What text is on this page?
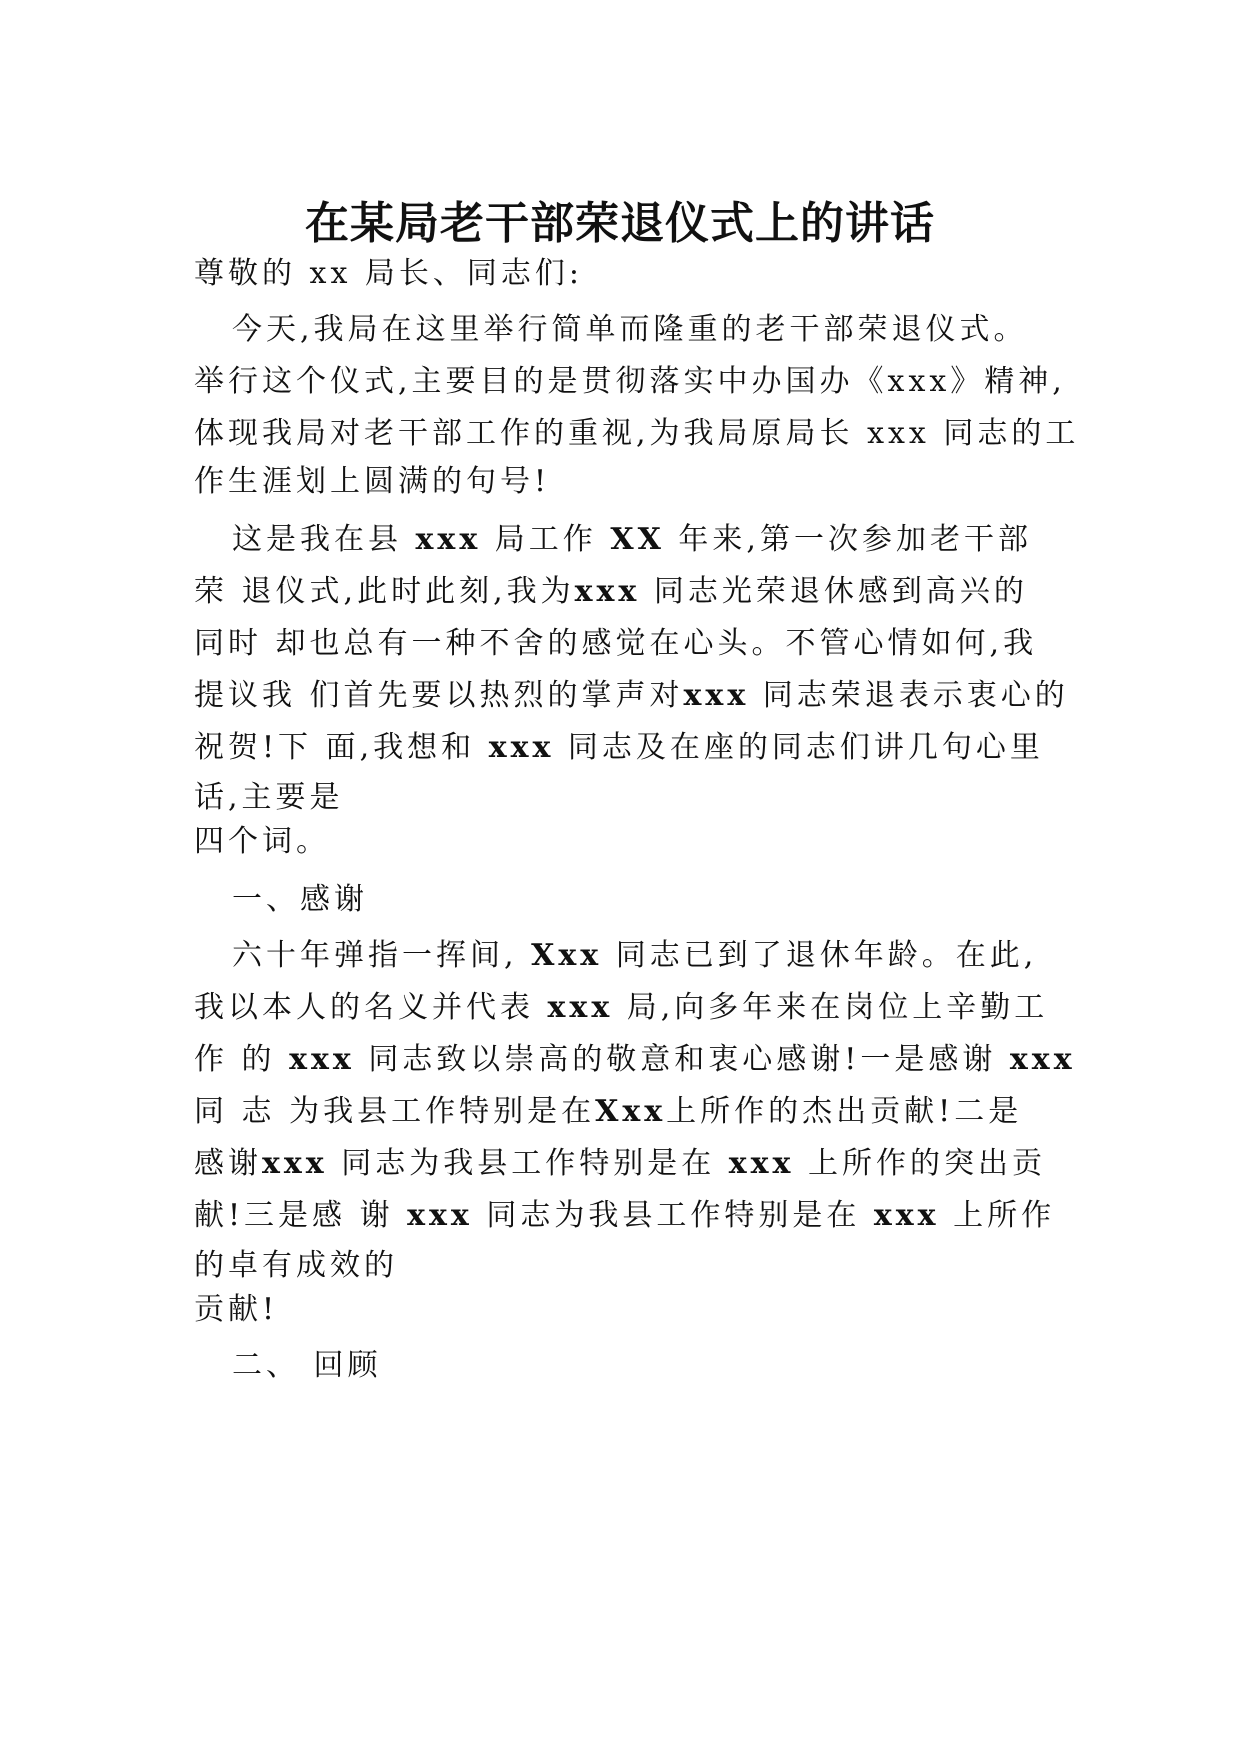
在某局老干部荣退仪式上的讲话
尊敬的 xx 局长、同志们:
今天,我局在这里举行简单而隆重的老干部荣退仪式。
举行这个仪式,主要目的是贯彻落实中办国办《xxx》精神,
体现我局对老干部工作的重视,为我局原局长 xxx 同志的工
作生涯划上圆满的句号!
这是我在县 xxx 局工作 XX 年来,第一次参加老干部
荣 退仪式,此时此刻,我为xxx 同志光荣退休感到高兴的
同时 却也总有一种不舍的感觉在心头。不管心情如何,我
提议我 们首先要以热烈的掌声对xxx 同志荣退表示衷心的
祝贺!下 面,我想和 xxx 同志及在座的同志们讲几句心里
话,主要是
四个词。
一、感谢
六十年弹指一挥间, Xxx 同志已到了退休年龄。在此,
我以本人的名义并代表 xxx 局,向多年来在岗位上辛勤工
作 的 xxx 同志致以崇高的敬意和衷心感谢!一是感谢 xxx
同 志 为我县工作特别是在Xxx上所作的杰出贡献!二是
感谢xxx 同志为我县工作特别是在 xxx 上所作的突出贡
献!三是感 谢 xxx 同志为我县工作特别是在 xxx 上所作
的卓有成效的
贡献!
二、 回顾
